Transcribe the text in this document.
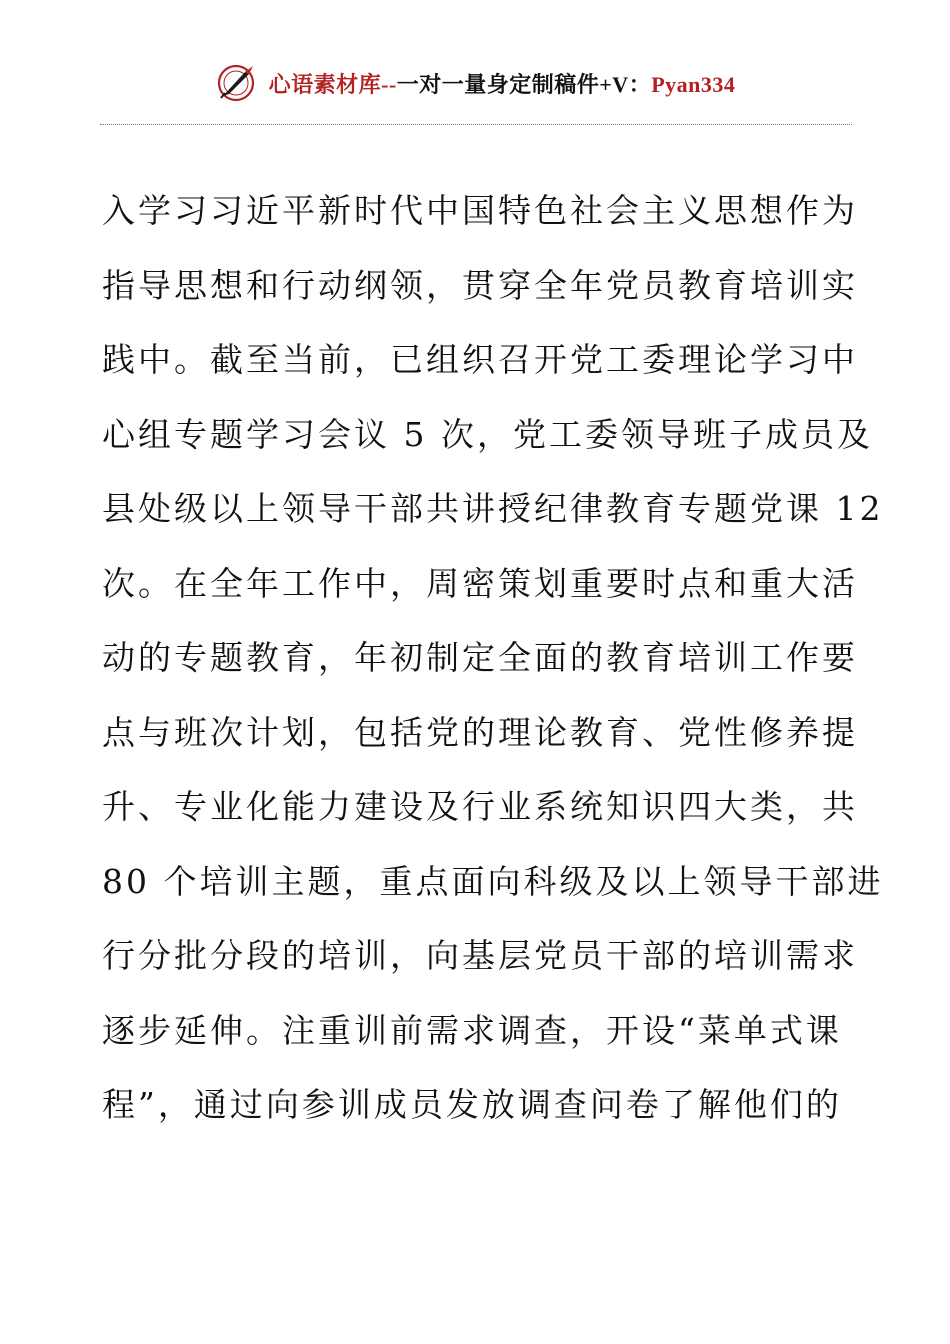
心语素材库--一对一量身定制稿件+V：Pyan334
入学习习近平新时代中国特色社会主义思想作为
指导思想和行动纲领，贯穿全年党员教育培训实
践中。截至当前，已组织召开党工委理论学习中
心组专题学习会议 5 次，党工委领导班子成员及
县处级以上领导干部共讲授纪律教育专题党课 12
次。在全年工作中，周密策划重要时点和重大活
动的专题教育，年初制定全面的教育培训工作要
点与班次计划，包括党的理论教育、党性修养提
升、专业化能力建设及行业系统知识四大类，共
80 个培训主题，重点面向科级及以上领导干部进
行分批分段的培训，向基层党员干部的培训需求
逐步延伸。注重训前需求调查，开设“菜单式课
程”，通过向参训成员发放调查问卷了解他们的
